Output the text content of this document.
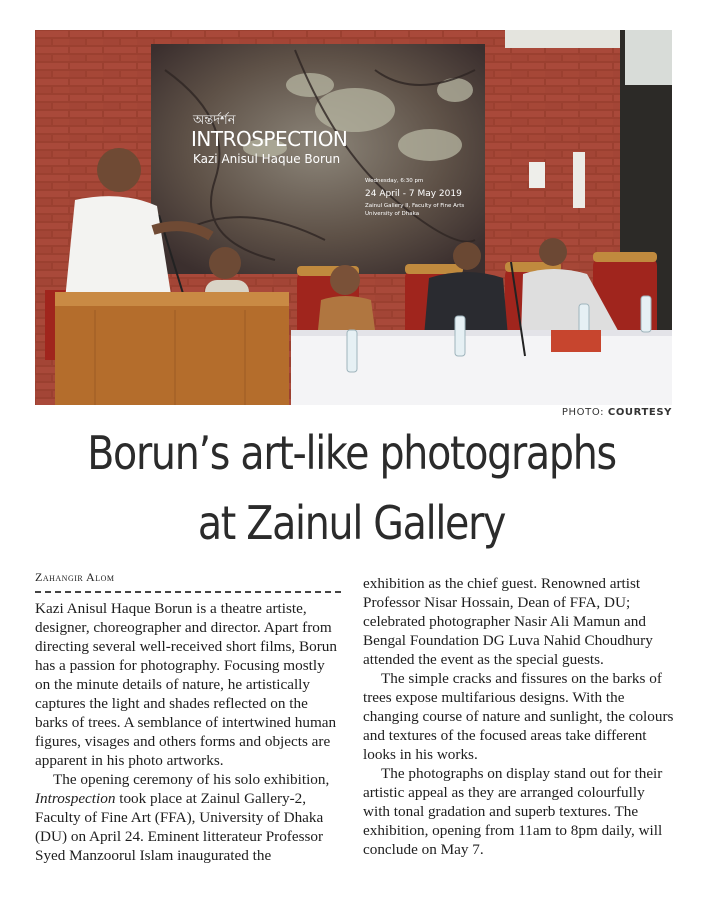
অন্তর্দর্শন
INTROSPECTION
Kazi Anisul Haque Borun
Wednesday, 6:30 pm
24 April - 7 May 2019
Zainul Gallery II, Faculty of Fine Arts
University of Dhaka
PHOTO: COURTESY
Borun’s art-like photographs
at Zainul Gallery
Zahangir Alom

Kazi Anisul Haque Borun is a theatre artiste, designer, choreographer and director. Apart from directing several well-received short films, Borun has a passion for photography. Focusing mostly on the minute details of nature, he artistically captures the light and shades reflected on the barks of trees. A semblance of intertwined human figures, visages and others forms and objects are apparent in his photo artworks.

The opening ceremony of his solo exhibition, Introspection took place at Zainul Gallery-2, Faculty of Fine Art (FFA), University of Dhaka (DU) on April 24. Eminent litterateur Professor Syed Manzoorul Islam inaugurated the

exhibition as the chief guest. Renowned artist Professor Nisar Hossain, Dean of FFA, DU; celebrated photographer Nasir Ali Mamun and Bengal Foundation DG Luva Nahid Choudhury attended the event as the special guests.

The simple cracks and fissures on the barks of trees expose multifarious designs. With the changing course of nature and sunlight, the colours and textures of the focused areas take different looks in his works.

The photographs on display stand out for their artistic appeal as they are arranged colourfully with tonal gradation and superb textures. The exhibition, opening from 11am to 8pm daily, will conclude on May 7.
